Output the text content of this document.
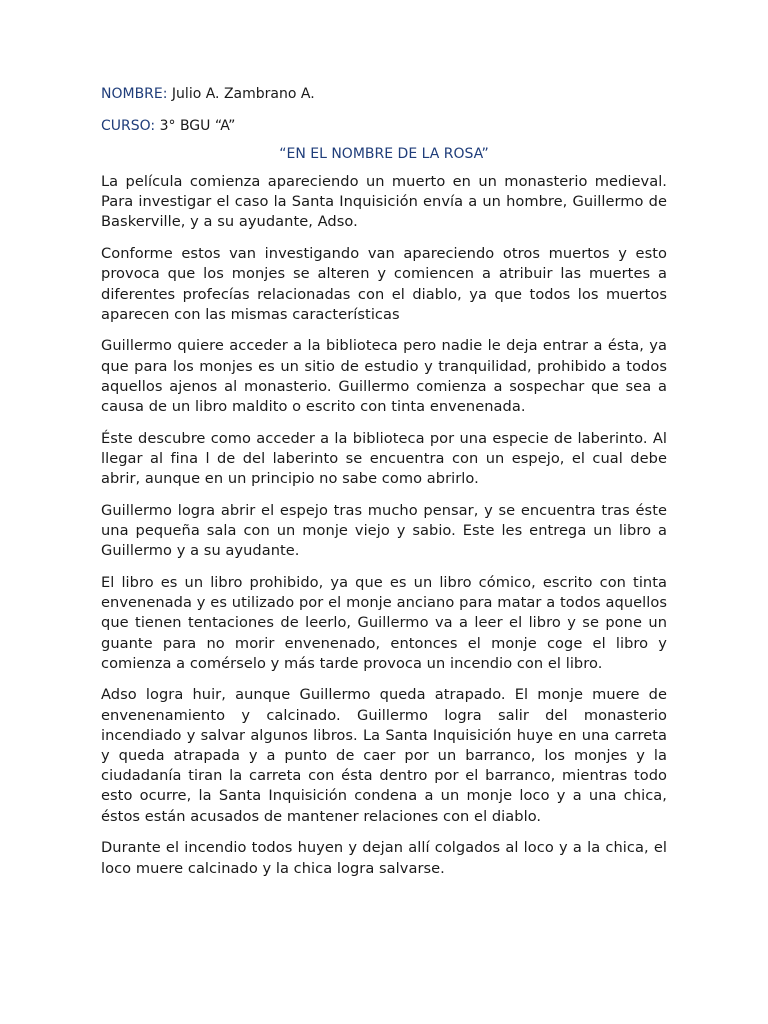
NOMBRE: Julio A. Zambrano A.

CURSO: 3° BGU “A”

“EN EL NOMBRE DE LA ROSA”

La película comienza apareciendo un muerto en un monasterio medieval. Para investigar el caso la Santa Inquisición envía a un hombre, Guillermo de Baskerville, y a su ayudante, Adso.

Conforme estos van investigando van apareciendo otros muertos y esto provoca que los monjes se alteren y comiencen a atribuir las muertes a diferentes profecías relacionadas con el diablo, ya que todos los muertos aparecen con las mismas características

Guillermo quiere acceder a la biblioteca pero nadie le deja entrar a ésta, ya que para los monjes es un sitio de estudio y tranquilidad, prohibido a todos aquellos ajenos al monasterio. Guillermo comienza a sospechar que sea a causa de un libro maldito o escrito con tinta envenenada.

Éste descubre como acceder a la biblioteca por una especie de laberinto. Al llegar al fina l de del laberinto se encuentra con un espejo, el cual debe abrir, aunque en un principio no sabe como abrirlo.

Guillermo logra abrir el espejo tras mucho pensar, y se encuentra tras éste una pequeña sala con un monje viejo y sabio. Este les entrega un libro a Guillermo y a su ayudante.

El libro es un libro prohibido, ya que es un libro cómico, escrito con tinta envenenada y es utilizado por el monje anciano para matar a todos aquellos que tienen tentaciones de leerlo, Guillermo va a leer el libro y se pone un guante para no morir envenenado, entonces el monje coge el libro y comienza a comérselo y más tarde provoca un incendio con el libro.

Adso logra huir, aunque Guillermo queda atrapado. El monje muere de envenenamiento y calcinado. Guillermo logra salir del monasterio incendiado y salvar algunos libros. La Santa Inquisición huye en una carreta y queda atrapada y a punto de caer por un barranco, los monjes y la ciudadanía tiran la carreta con ésta dentro por el barranco, mientras todo esto ocurre, la Santa Inquisición condena a un monje loco y a una chica, éstos están acusados de mantener relaciones con el diablo.

Durante el incendio todos huyen y dejan allí colgados al loco y a la chica, el loco muere calcinado y la chica logra salvarse.
